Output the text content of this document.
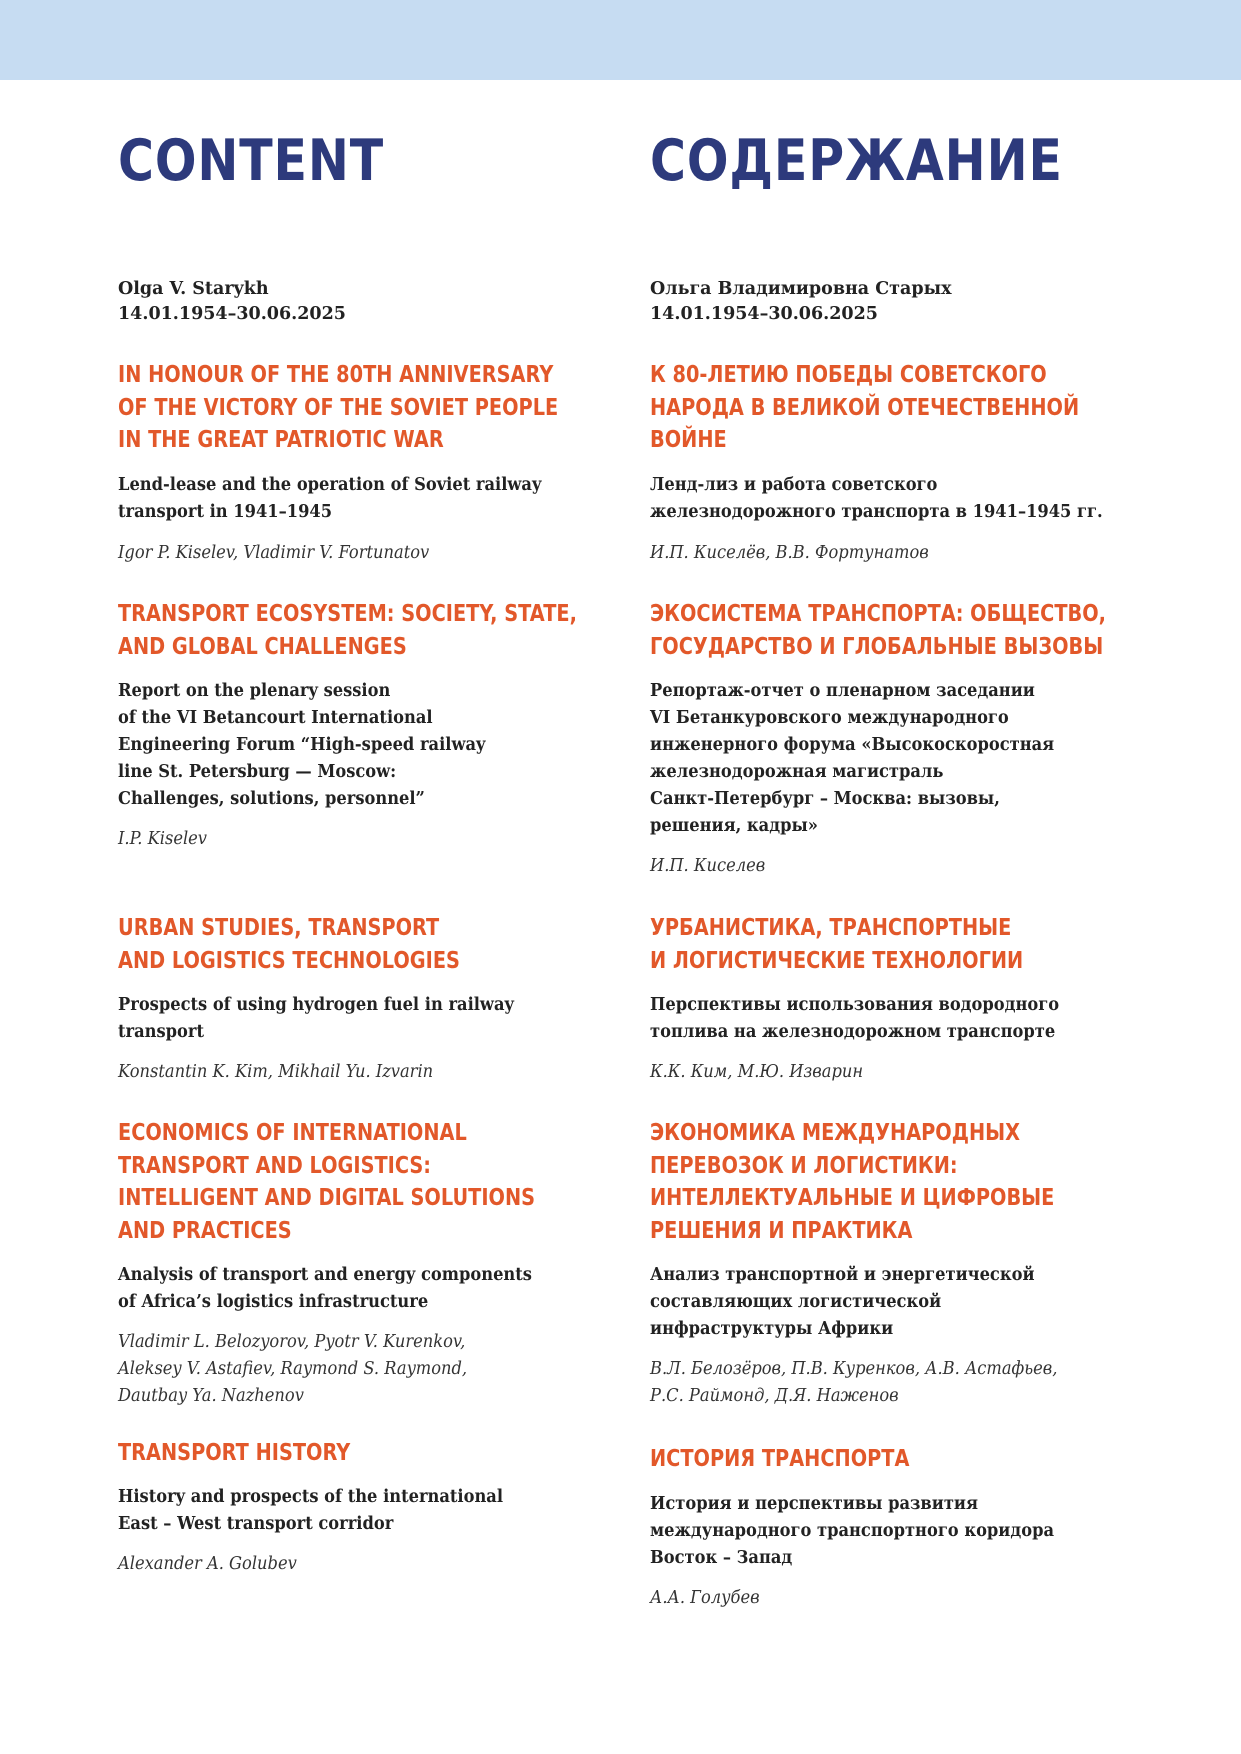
CONTENT
Olga V. Starykh
14.01.1954–30.06.2025

IN HONOUR OF THE 80TH ANNIVERSARY
OF THE VICTORY OF THE SOVIET PEOPLE
IN THE GREAT PATRIOTIC WAR

Lend-lease and the operation of Soviet railway
transport in 1941–1945

Igor P. Kiselev, Vladimir V. Fortunatov

TRANSPORT ECOSYSTEM: SOCIETY, STATE,
AND GLOBAL CHALLENGES

Report on the plenary session
of the VI Betancourt International
Engineering Forum “High-speed railway
line St. Petersburg — Moscow:
Challenges, solutions, personnel”

I.P. Kiselev

URBAN STUDIES, TRANSPORT
AND LOGISTICS TECHNOLOGIES

Prospects of using hydrogen fuel in railway
transport

Konstantin K. Kim, Mikhail Yu. Izvarin

ECONOMICS OF INTERNATIONAL
TRANSPORT AND LOGISTICS:
INTELLIGENT AND DIGITAL SOLUTIONS
AND PRACTICES

Analysis of transport and energy components
of Africa’s logistics infrastructure

Vladimir L. Belozyorov, Pyotr V. Kurenkov,
Aleksey V. Astafiev, Raymond S. Raymond,
Dautbay Ya. Nazhenov

TRANSPORT HISTORY

History and prospects of the international
East – West transport corridor

Alexander A. Golubev

СОДЕРЖАНИЕ
Ольга Владимировна Старых
14.01.1954–30.06.2025

К 80-ЛЕТИЮ ПОБЕДЫ СОВЕТСКОГО
НАРОДА В ВЕЛИКОЙ ОТЕЧЕСТВЕННОЙ
ВОЙНЕ

Ленд-лиз и работа советского
железнодорожного транспорта в 1941–1945 гг.

И.П. Киселёв, В.В. Фортунатов

ЭКОСИСТЕМА ТРАНСПОРТА: ОБЩЕСТВО,
ГОСУДАРСТВО И ГЛОБАЛЬНЫЕ ВЫЗОВЫ

Репортаж-отчет о пленарном заседании
VI Бетанкуровского международного
инженерного форума «Высокоскоростная
железнодорожная магистраль
Санкт-Петербург – Москва: вызовы,
решения, кадры»

И.П. Киселев

УРБАНИСТИКА, ТРАНСПОРТНЫЕ
И ЛОГИСТИЧЕСКИЕ ТЕХНОЛОГИИ

Перспективы использования водородного
топлива на железнодорожном транспорте

К.К. Ким, М.Ю. Изварин

ЭКОНОМИКА МЕЖДУНАРОДНЫХ
ПЕРЕВОЗОК И ЛОГИСТИКИ:
ИНТЕЛЛЕКТУАЛЬНЫЕ И ЦИФРОВЫЕ
РЕШЕНИЯ И ПРАКТИКА

Анализ транспортной и энергетической
составляющих логистической
инфраструктуры Африки

В.Л. Белозёров, П.В. Куренков, А.В. Астафьев,
Р.С. Раймонд, Д.Я. Наженов

ИСТОРИЯ ТРАНСПОРТА

История и перспективы развития
международного транспортного коридора
Восток – Запад

А.А. Голубев
